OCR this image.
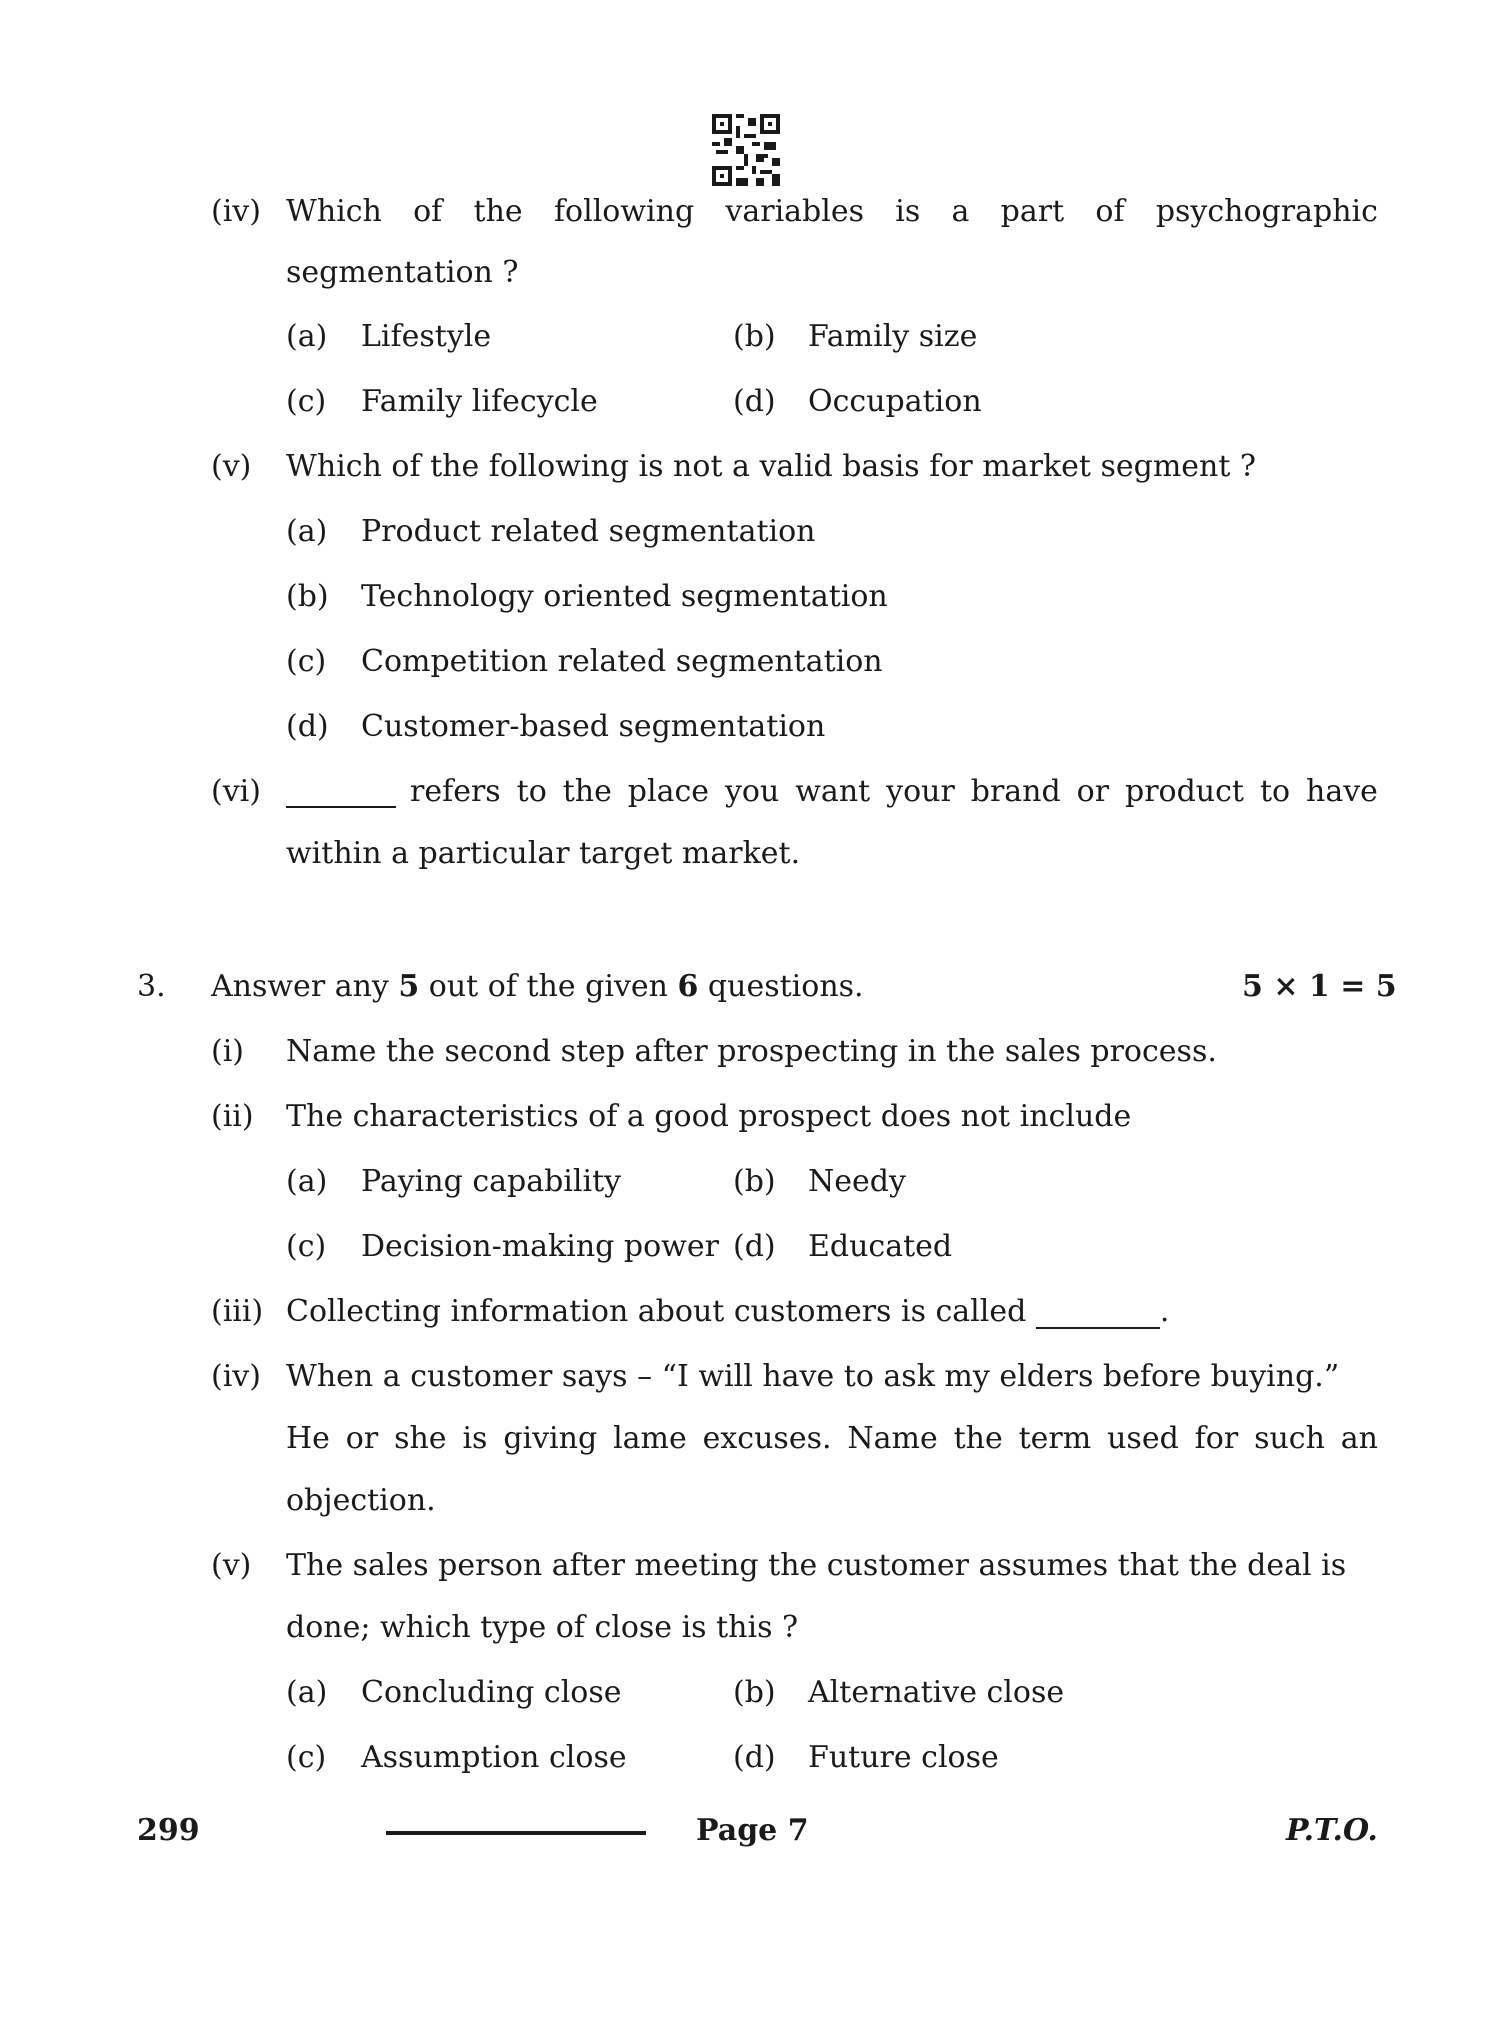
(iv) Which of the following variables is a part of psychographic
segmentation ?
(a) Lifestyle	(b) Family size
(c) Family lifecycle	(d) Occupation
(v) Which of the following is not a valid basis for market segment ?
(a) Product related segmentation
(b) Technology oriented segmentation
(c) Competition related segmentation
(d) Customer-based segmentation
(vi)	refers to the place you want your brand or product to have
within a particular target market.
3. Answer any 5 out of the given 6 questions.	5 × 1 = 5
(i) Name the second step after prospecting in the sales process.
(ii) The characteristics of a good prospect does not include
(a) Paying capability	(b) Needy
(c) Decision-making power (d) Educated
(iii) Collecting information about customers is called	.
(iv) When a customer says – “I will have to ask my elders before buying.”
He or she is giving lame excuses. Name the term used for such an
objection.
(v) The sales person after meeting the customer assumes that the deal is
done; which type of close is this ?
(a) Concluding close	(b) Alternative close
(c) Assumption close	(d) Future close
299	Page 7	P.T.O.
